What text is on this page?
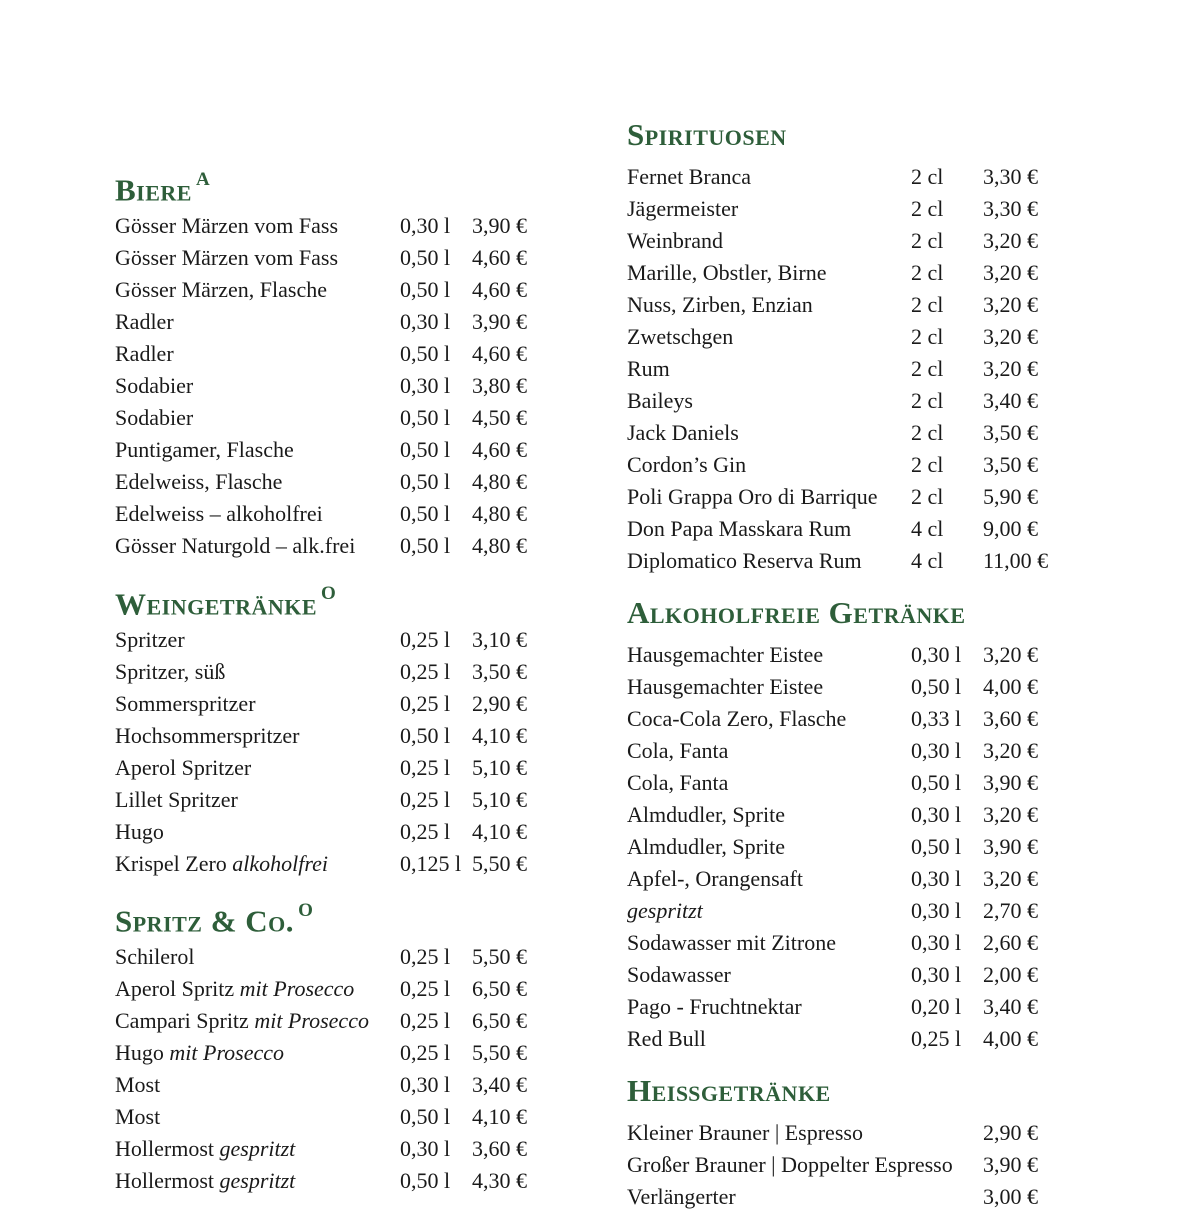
Biere $^A$
Gösser Märzen vom Fass	0,30 l 3,90 €
Gösser Märzen vom Fass	0,50 l 4,60 €
Gösser Märzen, Flasche	0,50 l 4,60 €
Radler	0,30 l 3,90 €
Radler	0,50 l 4,60 €
Sodabier	0,30 l 3,80 €
Sodabier	0,50 l 4,50 €
Puntigamer, Flasche	0,50 l 4,60 €
Edelweiss, Flasche	0,50 l 4,80 €
Edelweiss – alkoholfrei	0,50 l 4,80 €
Gösser Naturgold – alk.frei 0,50 l 4,80 €
Weingetränke $^O$
Spritzer	0,25 l 3,10 €
Spritzer, süß	0,25 l 3,50 €
Sommerspritzer	0,25 l 2,90 €
Hochsommerspritzer	0,50 l 4,10 €
Aperol Spritzer	0,25 l 5,10 €
Lillet Spritzer	0,25 l 5,10 €
Hugo	0,25 l 4,10 €
Krispel Zero alkoholfrei	0,125 l 5,50 €
Spritz & Co. $^O$
Schilerol	0,25 l 5,50 €
Aperol Spritz mit Prosecco 0,25 l 6,50 €
Campari Spritz mit Prosecco 0,25 l 6,50 €
Hugo mit Prosecco	0,25 l 5,50 €
Most	0,30 l 3,40 €
Most	0,50 l 4,10 €
Hollermost gespritzt	0,30 l 3,60 €
Hollermost gespritzt	0,50 l 4,30 €
Spirituosen
Fernet Branca	2 cl 3,30 €
Jägermeister	2 cl 3,30 €
Weinbrand	2 cl 3,20 €
Marille, Obstler, Birne	2 cl 3,20 €
Nuss, Zirben, Enzian	2 cl 3,20 €
Zwetschgen	2 cl 3,20 €
Rum	2 cl 3,20 €
Baileys	2 cl 3,40 €
Jack Daniels	2 cl 3,50 €
Cordon’s Gin	2 cl 3,50 €
Poli Grappa Oro di Barrique 2 cl 5,90 €
Don Papa Masskara Rum	4 cl 9,00 €
Diplomatico Reserva Rum 4 cl 11,00 €
Alkoholfreie Getränke
Hausgemachter Eistee	0,30 l 3,20 €
Hausgemachter Eistee	0,50 l 4,00 €
Coca-Cola Zero, Flasche	0,33 l 3,60 €
Cola, Fanta	0,30 l 3,20 €
Cola, Fanta	0,50 l 3,90 €
Almdudler, Sprite	0,30 l 3,20 €
Almdudler, Sprite	0,50 l 3,90 €
Apfel-, Orangensaft	0,30 l 3,20 €
gespritzt	0,30 l 2,70 €
Sodawasser mit Zitrone	0,30 l 2,60 €
Sodawasser	0,30 l 2,00 €
Pago - Fruchtnektar	0,20 l 3,40 €
Red Bull	0,25 l 4,00 €
Heißgetränke
Kleiner Brauner | Espresso	2,90 €
Großer Brauner | Doppelter Espresso 3,90 €
Verlängerter	3,00 €
